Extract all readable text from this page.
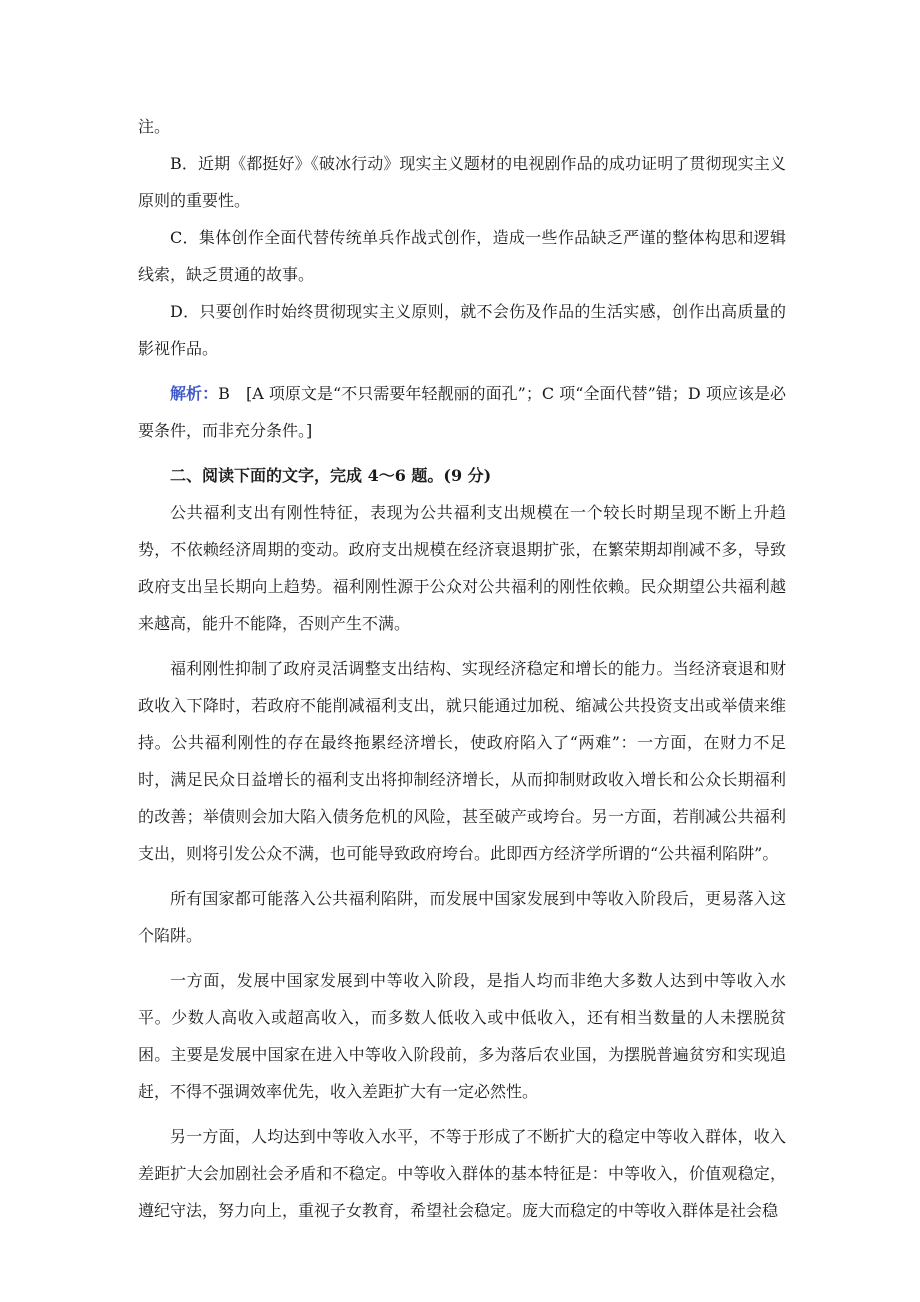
注。

B．近期《都挺好》《破冰行动》现实主义题材的电视剧作品的成功证明了贯彻现实主义原则的重要性。

C．集体创作全面代替传统单兵作战式创作，造成一些作品缺乏严谨的整体构思和逻辑线索，缺乏贯通的故事。

D．只要创作时始终贯彻现实主义原则，就不会伤及作品的生活实感，创作出高质量的影视作品。

解析：B　[A 项原文是“不只需要年轻靓丽的面孔”；C 项“全面代替”错；D 项应该是必要条件，而非充分条件。]

二、阅读下面的文字，完成 4～6 题。(9 分)

公共福利支出有刚性特征，表现为公共福利支出规模在一个较长时期呈现不断上升趋势，不依赖经济周期的变动。政府支出规模在经济衰退期扩张，在繁荣期却削减不多，导致政府支出呈长期向上趋势。福利刚性源于公众对公共福利的刚性依赖。民众期望公共福利越来越高，能升不能降，否则产生不满。

福利刚性抑制了政府灵活调整支出结构、实现经济稳定和增长的能力。当经济衰退和财政收入下降时，若政府不能削减福利支出，就只能通过加税、缩减公共投资支出或举债来维持。公共福利刚性的存在最终拖累经济增长，使政府陷入了“两难”：一方面，在财力不足时，满足民众日益增长的福利支出将抑制经济增长，从而抑制财政收入增长和公众长期福利的改善；举债则会加大陷入债务危机的风险，甚至破产或垮台。另一方面，若削减公共福利支出，则将引发公众不满，也可能导致政府垮台。此即西方经济学所谓的“公共福利陷阱”。

所有国家都可能落入公共福利陷阱，而发展中国家发展到中等收入阶段后，更易落入这个陷阱。

一方面，发展中国家发展到中等收入阶段，是指人均而非绝大多数人达到中等收入水平。少数人高收入或超高收入，而多数人低收入或中低收入，还有相当数量的人未摆脱贫困。主要是发展中国家在进入中等收入阶段前，多为落后农业国，为摆脱普遍贫穷和实现追赶，不得不强调效率优先，收入差距扩大有一定必然性。

另一方面，人均达到中等收入水平，不等于形成了不断扩大的稳定中等收入群体，收入差距扩大会加剧社会矛盾和不稳定。中等收入群体的基本特征是：中等收入，价值观稳定，遵纪守法，努力向上，重视子女教育，希望社会稳定。庞大而稳定的中等收入群体是社会稳
